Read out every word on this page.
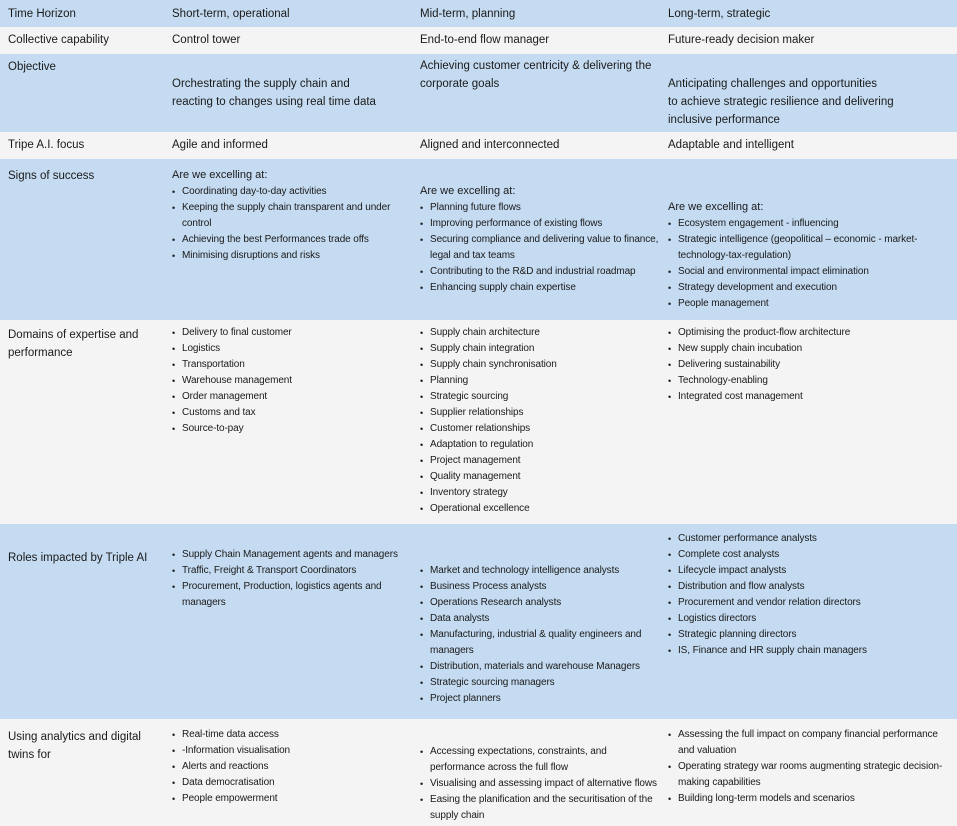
Time Horizon	Short-term, operational	Mid-term, planning	Long-term, strategic
Collective capability	Control tower	End-to-end flow manager	Future-ready decision maker
Objective
Orchestrating the supply chain and
reacting to changes using real time data
Achieving customer centricity & delivering the
corporate goals	Anticipating challenges and opportunities
to achieve strategic resilience and delivering
inclusive performance
Tripe A.I. focus	Agile and informed	Aligned and interconnected	Adaptable and intelligent
Signs of success	Are we excelling at:
• Coordinating day-to-day activities
• Keeping the supply chain transparent and under control
• Achieving the best Performances trade offs
• Minimising disruptions and risks
Are we excelling at:
• Planning future flows
• Improving performance of existing flows
• Securing compliance and delivering value to finance, legal and tax teams
• Contributing to the R&D and industrial roadmap
• Enhancing supply chain expertise
Are we excelling at:
• Ecosystem engagement - influencing
• Strategic intelligence (geopolitical – economic - market-technology-tax-regulation)
• Social and environmental impact elimination
• Strategy development and execution
• People management
Domains of expertise and
performance
• Delivery to final customer
• Logistics
• Transportation
• Warehouse management
• Order management
• Customs and tax
• Source-to-pay
• Supply chain architecture
• Supply chain integration
• Supply chain synchronisation
• Planning
• Strategic sourcing
• Supplier relationships
• Customer relationships
• Adaptation to regulation
• Project management
• Quality management
• Inventory strategy
• Operational excellence
• Optimising the product-flow architecture
• New supply chain incubation
• Delivering sustainability
• Technology-enabling
• Integrated cost management
Roles impacted by Triple AI
•	Supply Chain Management agents and managers
• Traffic, Freight & Transport Coordinators
• Procurement, Production, logistics agents and managers
• Market and technology intelligence analysts
• Business Process analysts
• Operations Research analysts
• Data analysts
• Manufacturing, industrial & quality engineers and managers
• Distribution, materials and warehouse Managers
• Strategic sourcing managers
• Project planners
• Customer performance analysts
• Complete cost analysts
• Lifecycle impact analysts
• Distribution and flow analysts
• Procurement and vendor relation directors
• Logistics directors
• Strategic planning directors
• IS, Finance and HR supply chain managers
Using analytics and digital
twins for
• Real-time data access
• -Information visualisation
• Alerts and reactions
• Data democratisation
• People empowerment
• Accessing expectations, constraints, and performance across the full flow
• Visualising and assessing impact of alternative flows
• Easing the planification and the securitisation of the supply chain
• Assessing the full impact on company financial performance and valuation
• Operating strategy war rooms augmenting strategic decision-making capabilities
• Building long-term models and scenarios
